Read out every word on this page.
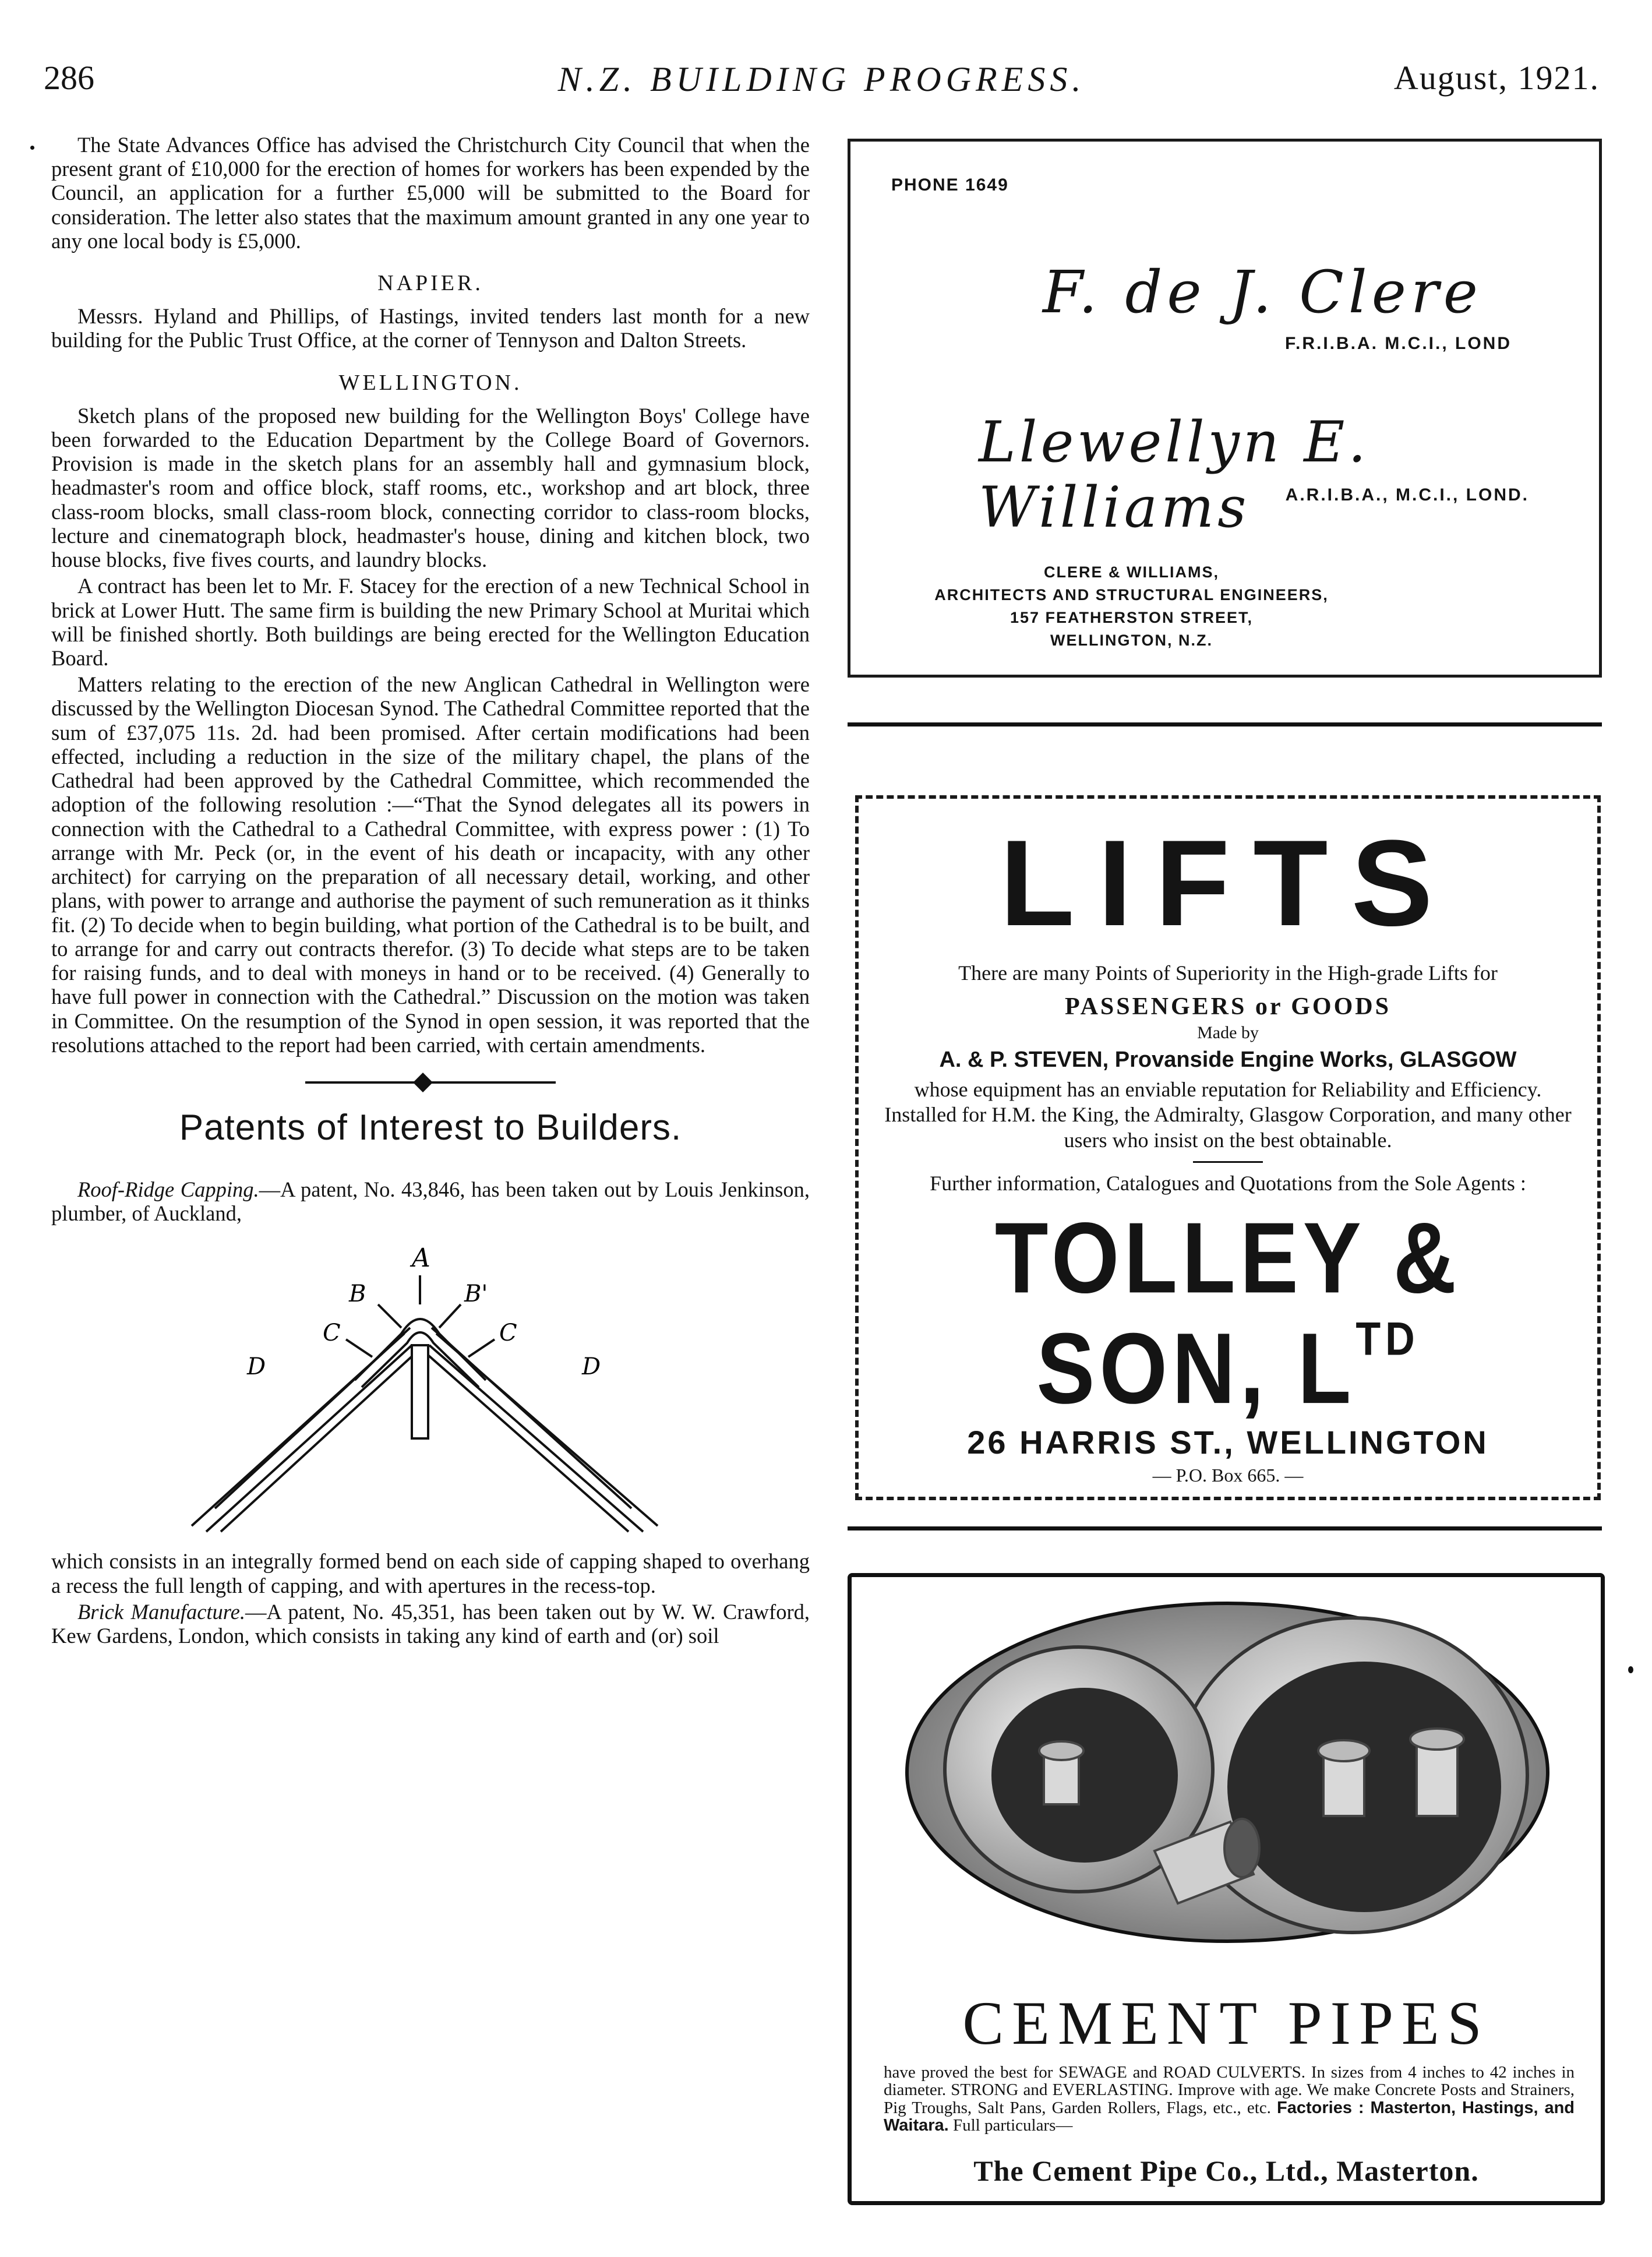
286	N.Z. BUILDING PROGRESS.	August, 1921.

The State Advances Office has advised the Christchurch City Council that when the present grant of £10,000 for the erection of homes for workers has been expended by the Council, an application for a further £5,000 will be submitted to the Board for consideration. The letter also states that the maximum amount granted in any one year to any one local body is £5,000.

NAPIER.

Messrs. Hyland and Phillips, of Hastings, invited tenders last month for a new building for the Public Trust Office, at the corner of Tennyson and Dalton Streets.

WELLINGTON.

Sketch plans of the proposed new building for the Wellington Boys' College have been forwarded to the Education Department by the College Board of Governors. Provision is made in the sketch plans for an assembly hall and gymnasium block, headmaster's room and office block, staff rooms, etc., workshop and art block, three class-room blocks, small class-room block, connecting corridor to class-room blocks, lecture and cinematograph block, headmaster's house, dining and kitchen block, two house blocks, five fives courts, and laundry blocks.

A contract has been let to Mr. F. Stacey for the erection of a new Technical School in brick at Lower Hutt. The same firm is building the new Primary School at Muritai which will be finished shortly. Both buildings are being erected for the Wellington Education Board.

Matters relating to the erection of the new Anglican Cathedral in Wellington were discussed by the Wellington Diocesan Synod. The Cathedral Committee reported that the sum of £37,075 11s. 2d. had been promised. After certain modifications had been effected, including a reduction in the size of the military chapel, the plans of the Cathedral had been approved by the Cathedral Committee, which recommended the adoption of the following resolution :—“That the Synod delegates all its powers in connection with the Cathedral to a Cathedral Committee, with express power : (1) To arrange with Mr. Peck (or, in the event of his death or incapacity, with any other architect) for carrying on the preparation of all necessary detail, working, and other plans, with power to arrange and authorise the payment of such remuneration as it thinks fit. (2) To decide when to begin building, what portion of the Cathedral is to be built, and to arrange for and carry out contracts therefor. (3) To decide what steps are to be taken for raising funds, and to deal with moneys in hand or to be received. (4) Generally to have full power in connection with the Cathedral.” Discussion on the motion was taken in Committee. On the resumption of the Synod in open session, it was reported that the resolutions attached to the report had been carried, with certain amendments.

Patents of Interest to Builders.

Roof-Ridge Capping.—A patent, No. 43,846, has been taken out by Louis Jenkinson, plumber, of Auckland,

A
B	B'
C	C
D	D

which consists in an integrally formed bend on each side of capping shaped to overhang a recess the full length of capping, and with apertures in the recess-top.

Brick Manufacture.—A patent, No. 45,351, has been taken out by W. W. Crawford, Kew Gardens, London, which consists in taking any kind of earth and (or) soil

PHONE 1649
F. de J. Clere
F.R.I.B.A. M.C.I., LOND
Llewellyn E. Williams	A.R.I.B.A., M.C.I., LOND.
CLERE & WILLIAMS,
ARCHITECTS AND STRUCTURAL ENGINEERS,
157 FEATHERSTON STREET,
WELLINGTON, N.Z.
LIFTS

There are many Points of Superiority in the High-grade Lifts for

PASSENGERS or GOODS

Made by

A. & P. STEVEN, Provanside Engine Works, GLASGOW

whose equipment has an enviable reputation for Reliability and Efficiency. Installed for H.M. the King, the Admiralty, Glasgow Corporation, and many other users who insist on the best obtainable.

Further information, Catalogues and Quotations from the Sole Agents :

TOLLEY & SON, $L^{TD}$

26 HARRIS ST., WELLINGTON

— P.O. Box 665. —

CEMENT PIPES
have proved the best for SEWAGE and ROAD CULVERTS. In sizes from 4 inches to 42 inches in diameter. STRONG and EVERLASTING. Improve with age. We make Concrete Posts and Strainers, Pig Troughs, Salt Pans, Garden Rollers, Flags, etc., etc. Factories : Masterton, Hastings, and Waitara. Full particulars—
The Cement Pipe Co., Ltd., Masterton.
